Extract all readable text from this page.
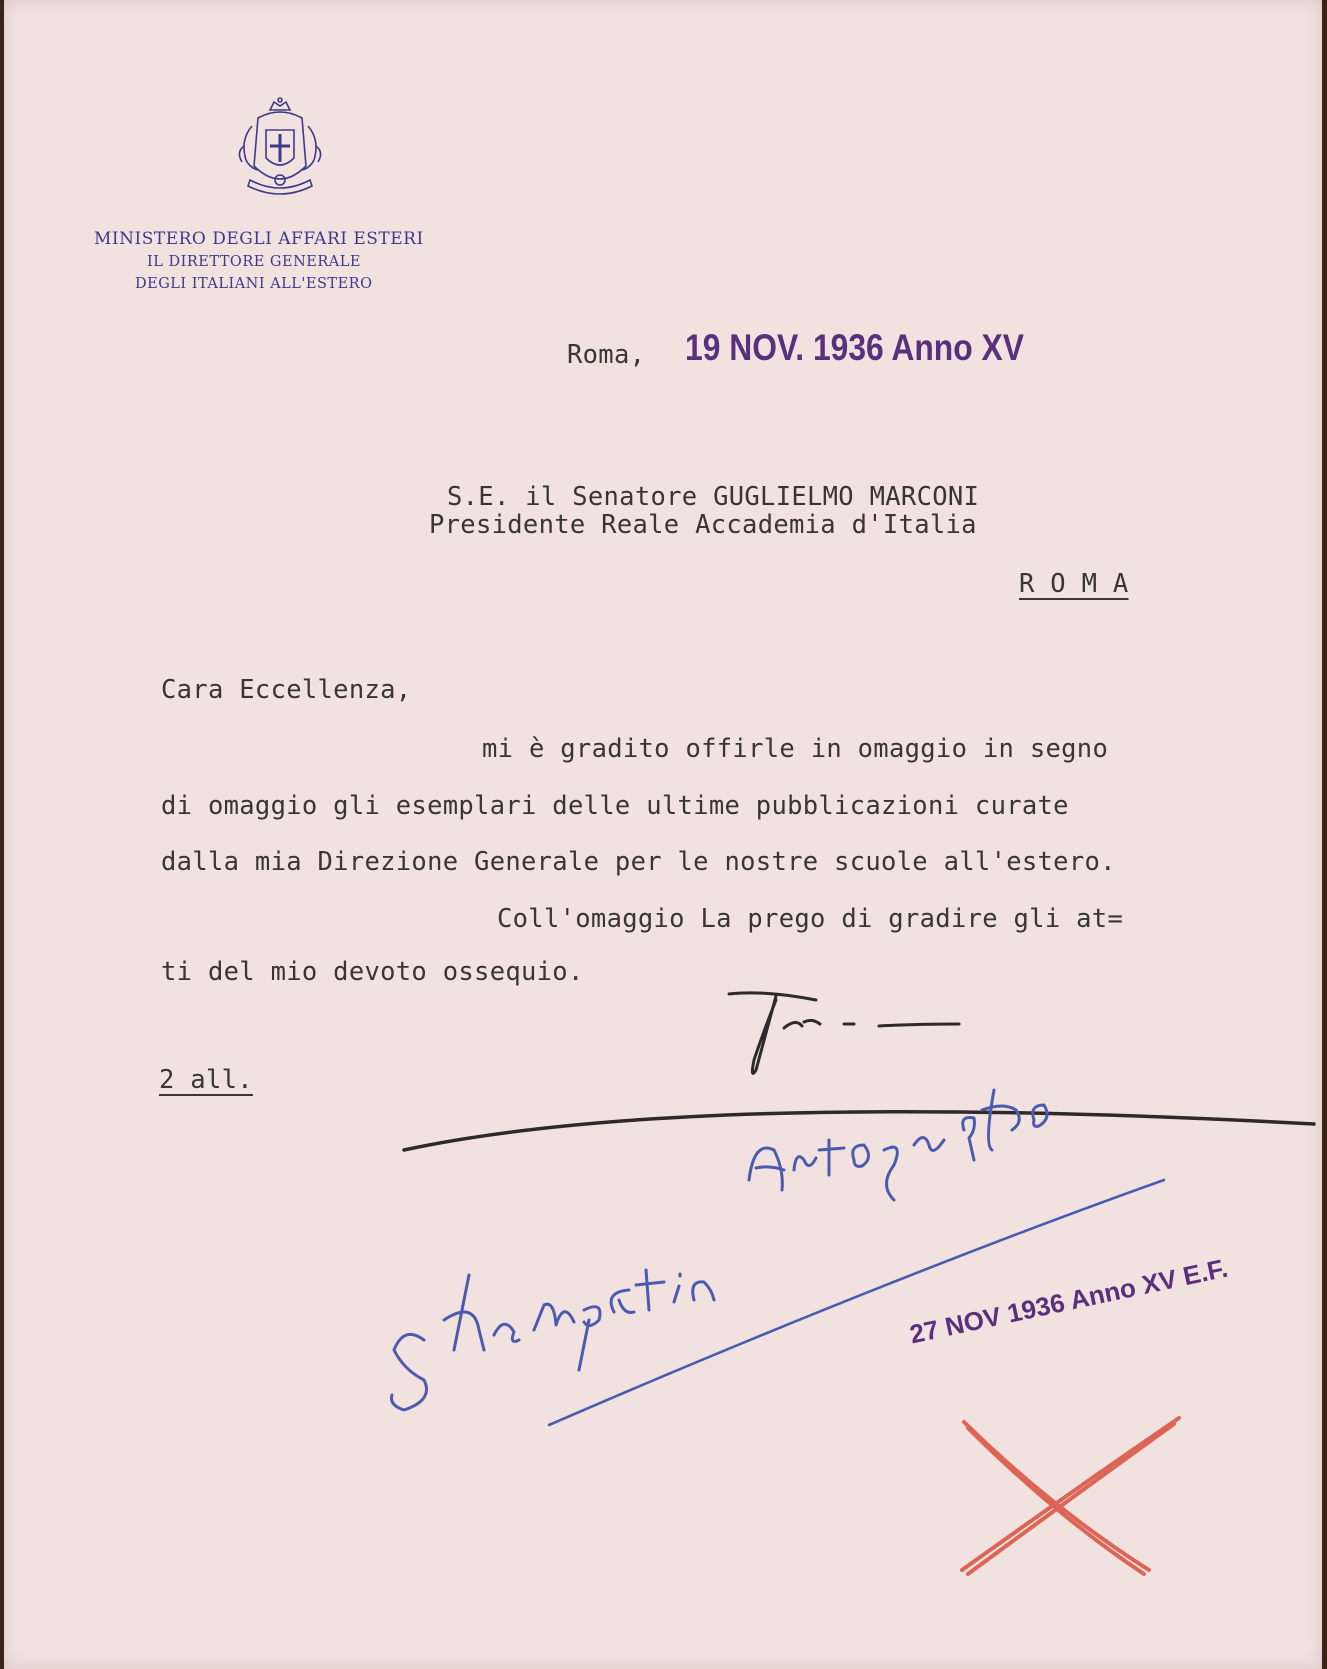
MINISTERO DEGLI AFFARI ESTERI
IL DIRETTORE GENERALE
DEGLI ITALIANI ALL'ESTERO
Roma, 19 NOV. 1936 Anno XV
S.E. il Senatore GUGLIELMO MARCONI
Presidente Reale Accademia d'Italia
R O M A
Cara Eccellenza,
mi è gradito offirle in omaggio in segno
di omaggio gli esemplari delle ultime pubblicazioni curate
dalla mia Direzione Generale per le nostre scuole all'estero.
Coll'omaggio La prego di gradire gli at=
ti del mio devoto ossequio.
2 all.
27 NOV 1936 Anno XV E.F.
